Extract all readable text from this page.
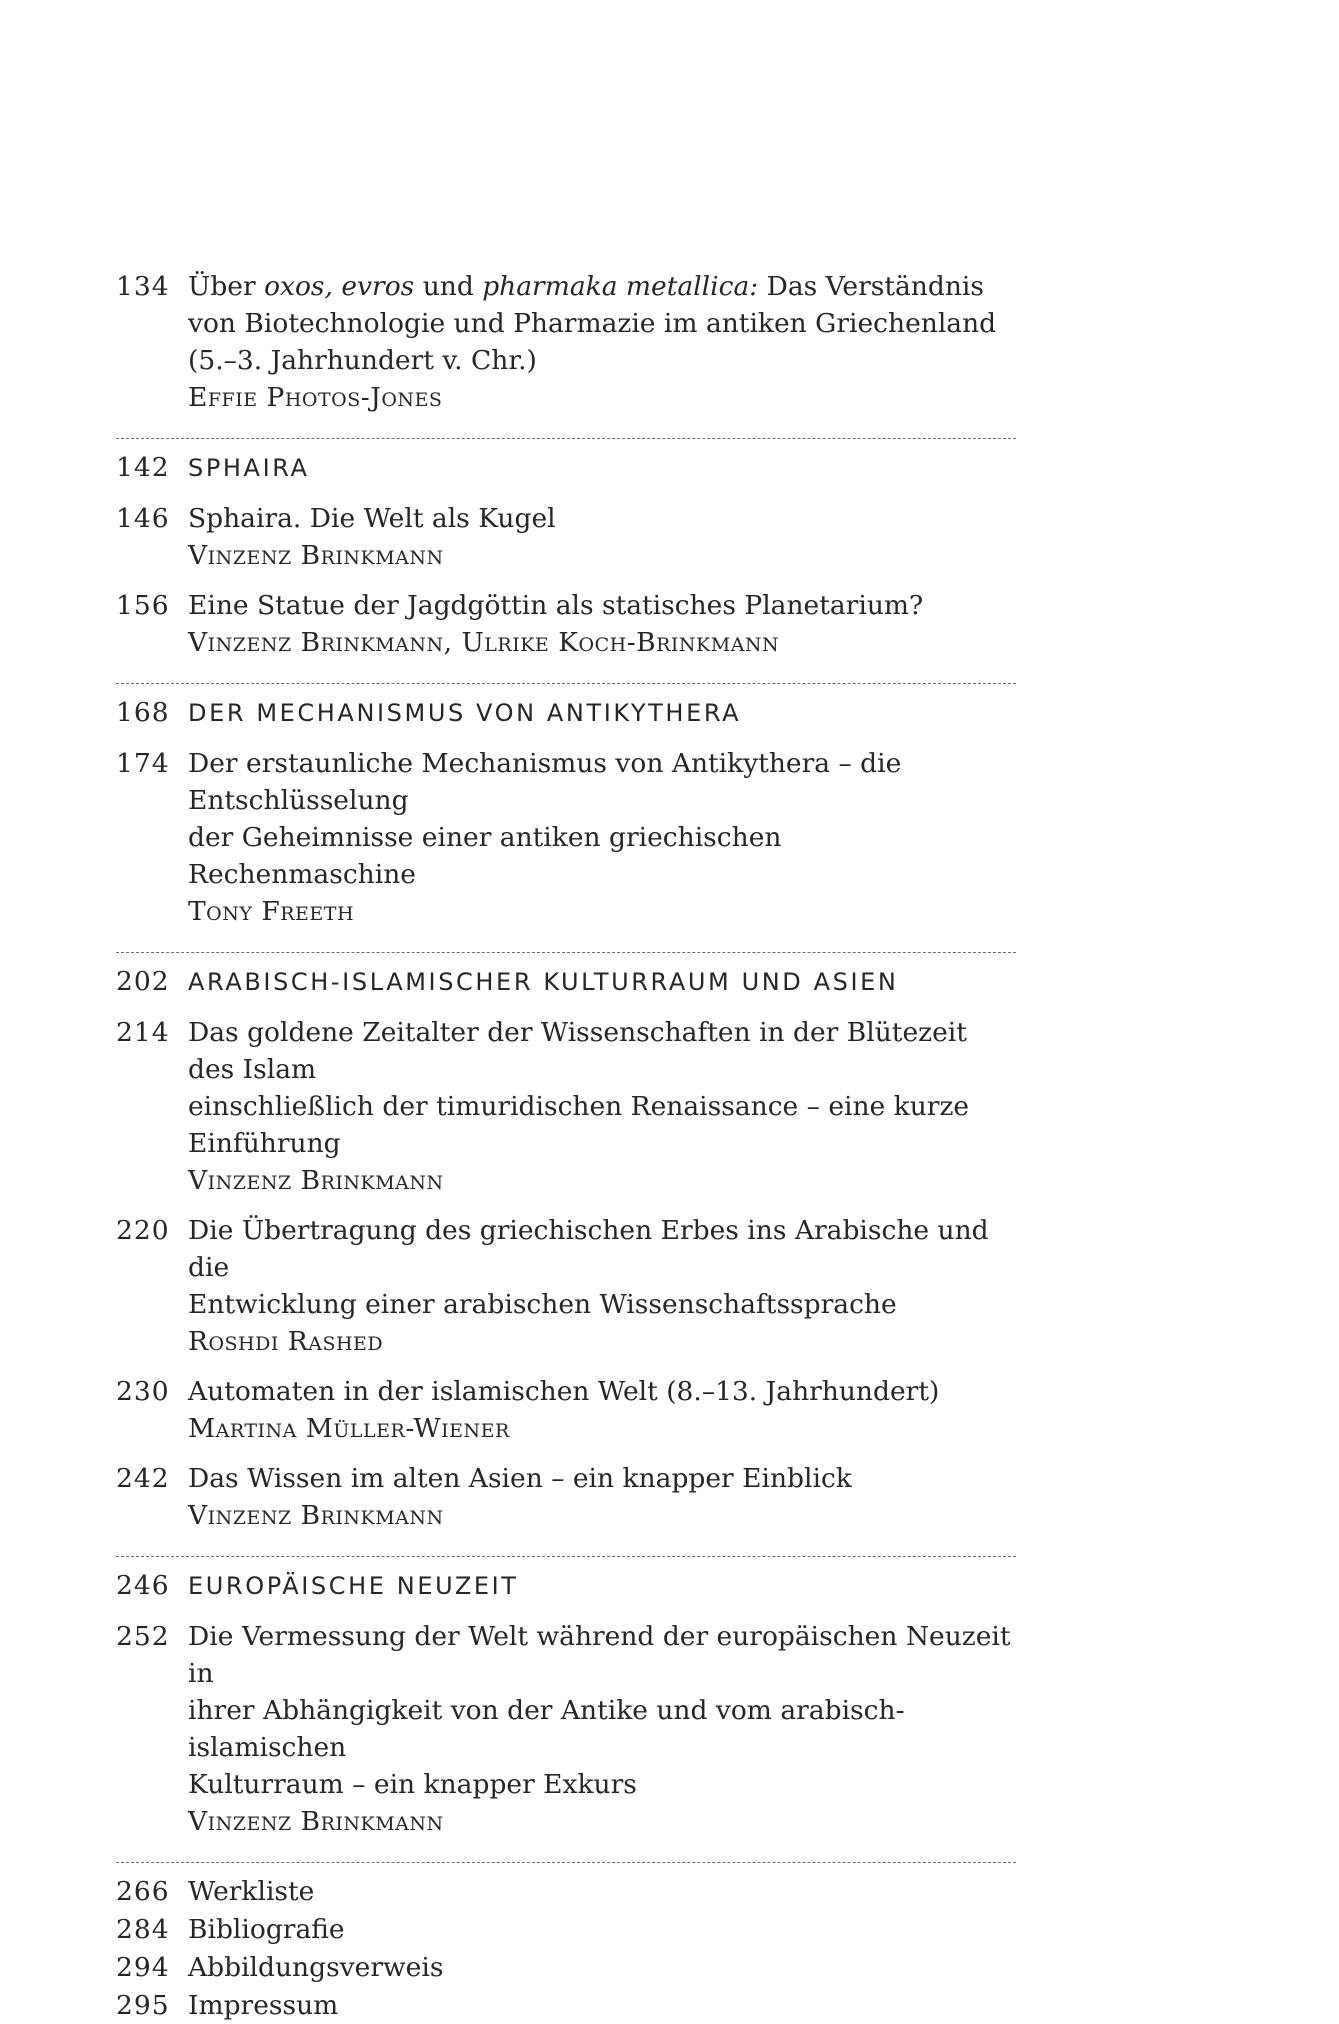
134 Über oxos, evros und pharmaka metallica: Das Verständnis
von Biotechnologie und Pharmazie im antiken Griechenland
(5.–3. Jahrhundert v. Chr.)
Effie Photos-Jones
142 SPHAIRA
146 Sphaira. Die Welt als Kugel
Vinzenz Brinkmann
156 Eine Statue der Jagdgöttin als statisches Planetarium?
Vinzenz Brinkmann, Ulrike Koch-Brinkmann
168 DER MECHANISMUS VON ANTIKYTHERA
174 Der erstaunliche Mechanismus von Antikythera – die Entschlüsselung
der Geheimnisse einer antiken griechischen Rechenmaschine
Tony Freeth
202 ARABISCH-ISLAMISCHER KULTURRAUM UND ASIEN
214 Das goldene Zeitalter der Wissenschaften in der Blütezeit des Islam
einschließlich der timuridischen Renaissance – eine kurze Einführung
Vinzenz Brinkmann
220 Die Übertragung des griechischen Erbes ins Arabische und die
Entwicklung einer arabischen Wissenschaftssprache
Roshdi Rashed
230 Automaten in der islamischen Welt (8.–13. Jahrhundert)
Martina Müller-Wiener
242 Das Wissen im alten Asien – ein knapper Einblick
Vinzenz Brinkmann
246 EUROPÄISCHE NEUZEIT
252 Die Vermessung der Welt während der europäischen Neuzeit in
ihrer Abhängigkeit von der Antike und vom arabisch-islamischen
Kulturraum – ein knapper Exkurs
Vinzenz Brinkmann
266 Werkliste
284 Bibliografie
294 Abbildungsverweis
295 Impressum
